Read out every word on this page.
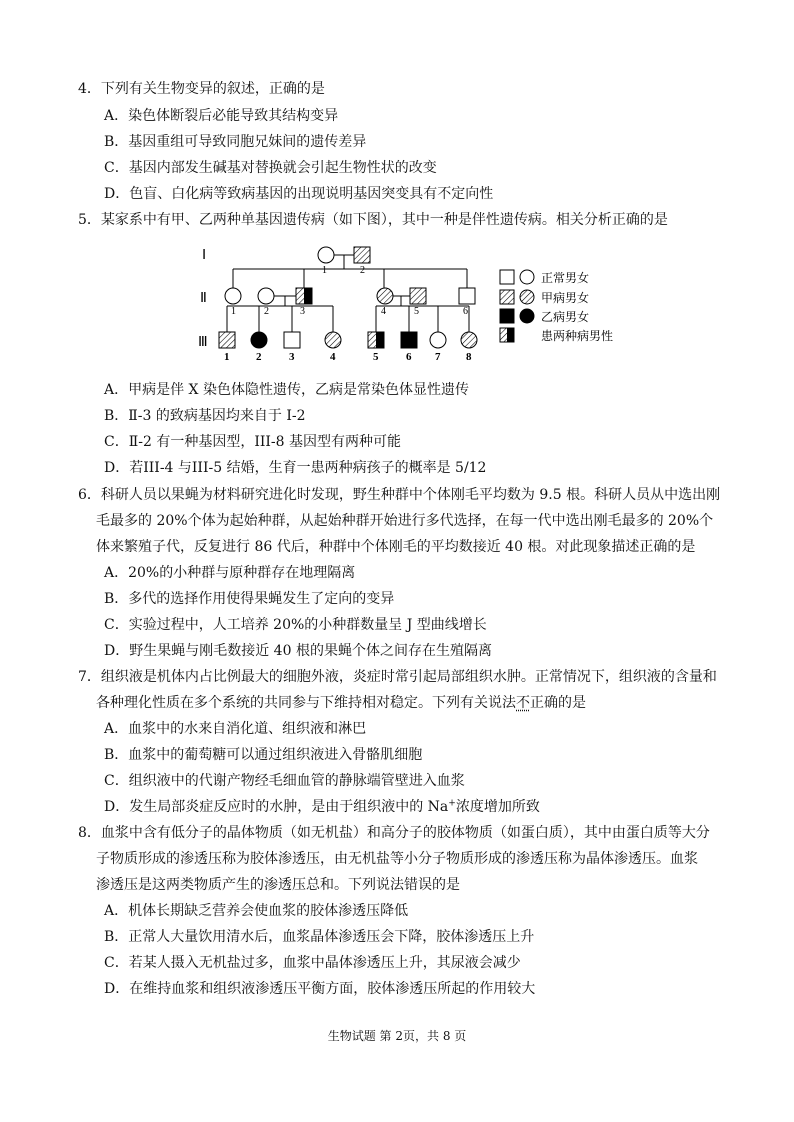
4．下列有关生物变异的叙述，正确的是
A．染色体断裂后必能导致其结构变异
B．基因重组可导致同胞兄妹间的遗传差异
C．基因内部发生碱基对替换就会引起生物性状的改变
D．色盲、白化病等致病基因的出现说明基因突变具有不定向性
5．某家系中有甲、乙两种单基因遗传病（如下图），其中一种是伴性遗传病。相关分析正确的是
Ⅰ
Ⅱ
Ⅲ
1	2
1	2	3	4	5	6
1 2	3	4	5	6 7 8
正常男女
甲病男女
乙病男女
患两种病男性
A．甲病是伴 X 染色体隐性遗传，乙病是常染色体显性遗传
B．Ⅱ-3 的致病基因均来自于 I-2
C．Ⅱ-2 有一种基因型，III-8 基因型有两种可能
D．若III-4 与III-5 结婚，生育一患两种病孩子的概率是 5/12
6．科研人员以果蝇为材料研究进化时发现，野生种群中个体刚毛平均数为 9.5 根。科研人员从中选出刚
毛最多的 20%个体为起始种群，从起始种群开始进行多代选择，在每一代中选出刚毛最多的 20%个
体来繁殖子代，反复进行 86 代后，种群中个体刚毛的平均数接近 40 根。对此现象描述正确的是
A．20%的小种群与原种群存在地理隔离
B．多代的选择作用使得果蝇发生了定向的变异
C．实验过程中，人工培养 20%的小种群数量呈 J 型曲线增长
D．野生果蝇与刚毛数接近 40 根的果蝇个体之间存在生殖隔离
7．组织液是机体内占比例最大的细胞外液，炎症时常引起局部组织水肿。正常情况下，组织液的含量和
各种理化性质在多个系统的共同参与下维持相对稳定。下列有关说法不正确的是
A．血浆中的水来自消化道、组织液和淋巴
B．血浆中的葡萄糖可以通过组织液进入骨骼肌细胞
C．组织液中的代谢产物经毛细血管的静脉端管壁进入血浆
D．发生局部炎症反应时的水肿，是由于组织液中的 Na+浓度增加所致
8．血浆中含有低分子的晶体物质（如无机盐）和高分子的胶体物质（如蛋白质），其中由蛋白质等大分
子物质形成的渗透压称为胶体渗透压，由无机盐等小分子物质形成的渗透压称为晶体渗透压。血浆
渗透压是这两类物质产生的渗透压总和。下列说法错误的是
A．机体长期缺乏营养会使血浆的胶体渗透压降低
B．正常人大量饮用清水后，血浆晶体渗透压会下降，胶体渗透压上升
C．若某人摄入无机盐过多，血浆中晶体渗透压上升，其尿液会减少
D．在维持血浆和组织液渗透压平衡方面，胶体渗透压所起的作用较大
生物试题 第 2页，共 8 页
